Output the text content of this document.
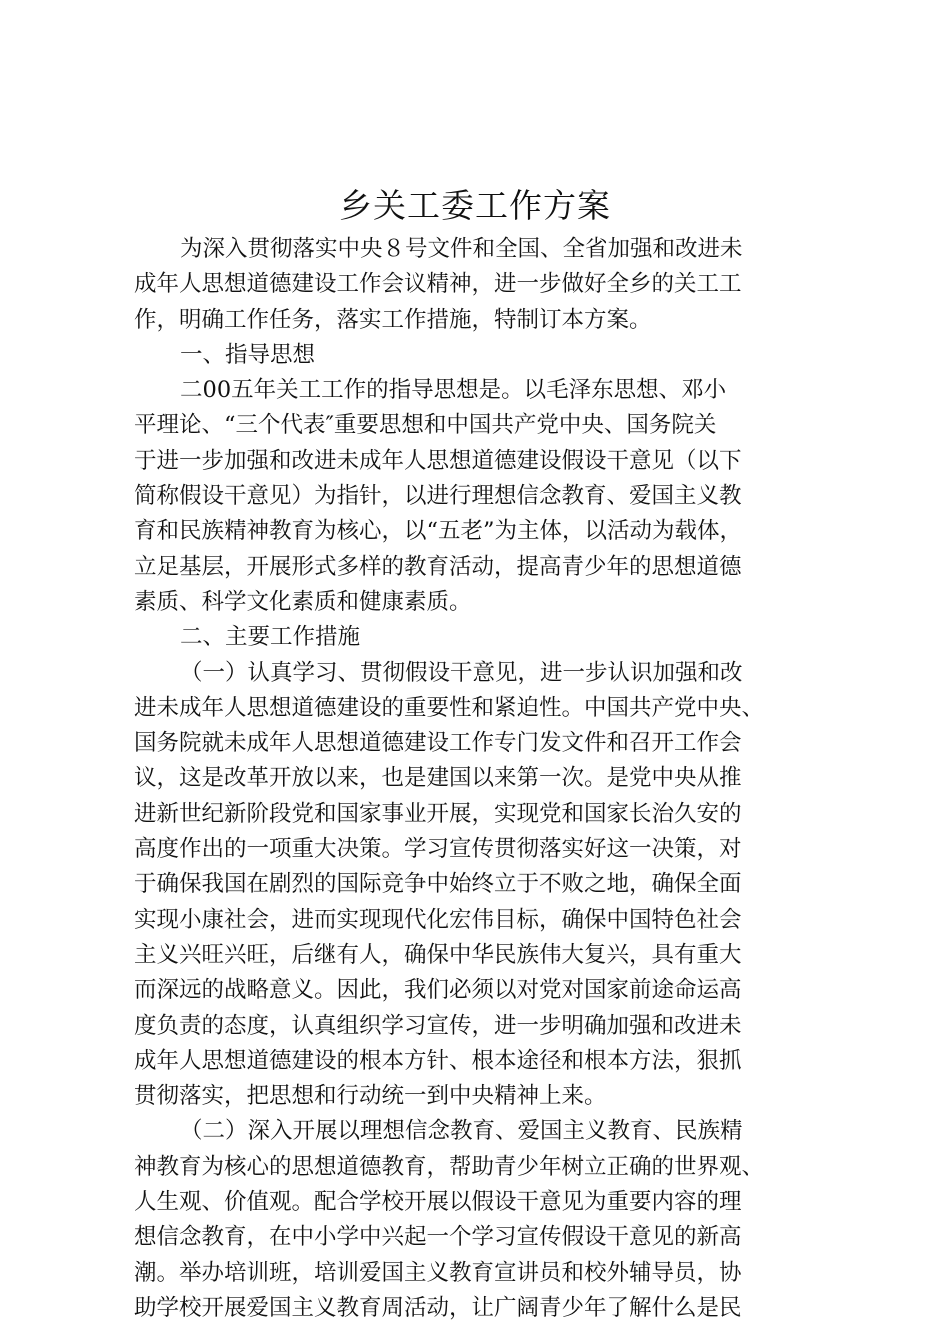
乡关工委工作方案
为深入贯彻落实中央８号文件和全国、全省加强和改进未
成年人思想道德建设工作会议精神，进一步做好全乡的关工工
作，明确工作任务，落实工作措施，特制订本方案。
一、指导思想
二00五年关工工作的指导思想是。以毛泽东思想、邓小
平理论、“三个代表″重要思想和中国共产党中央、国务院关
于进一步加强和改进未成年人思想道德建设假设干意见（以下
简称假设干意见）为指针，以进行理想信念教育、爱国主义教
育和民族精神教育为核心，以“五老”为主体，以活动为载体，
立足基层，开展形式多样的教育活动，提高青少年的思想道德
素质、科学文化素质和健康素质。
二、主要工作措施
（一）认真学习、贯彻假设干意见，进一步认识加强和改
进未成年人思想道德建设的重要性和紧迫性。中国共产党中央、
国务院就未成年人思想道德建设工作专门发文件和召开工作会
议，这是改革开放以来，也是建国以来第一次。是党中央从推
进新世纪新阶段党和国家事业开展，实现党和国家长治久安的
高度作出的一项重大决策。学习宣传贯彻落实好这一决策，对
于确保我国在剧烈的国际竞争中始终立于不败之地，确保全面
实现小康社会，进而实现现代化宏伟目标，确保中国特色社会
主义兴旺兴旺，后继有人，确保中华民族伟大复兴，具有重大
而深远的战略意义。因此，我们必须以对党对国家前途命运高
度负责的态度，认真组织学习宣传，进一步明确加强和改进未
成年人思想道德建设的根本方针、根本途径和根本方法，狠抓
贯彻落实，把思想和行动统一到中央精神上来。
（二）深入开展以理想信念教育、爱国主义教育、民族精
神教育为核心的思想道德教育，帮助青少年树立正确的世界观、
人生观、价值观。配合学校开展以假设干意见为重要内容的理
想信念教育，在中小学中兴起一个学习宣传假设干意见的新高
潮。举办培训班，培训爱国主义教育宣讲员和校外辅导员，协
助学校开展爱国主义教育周活动，让广阔青少年了解什么是民
